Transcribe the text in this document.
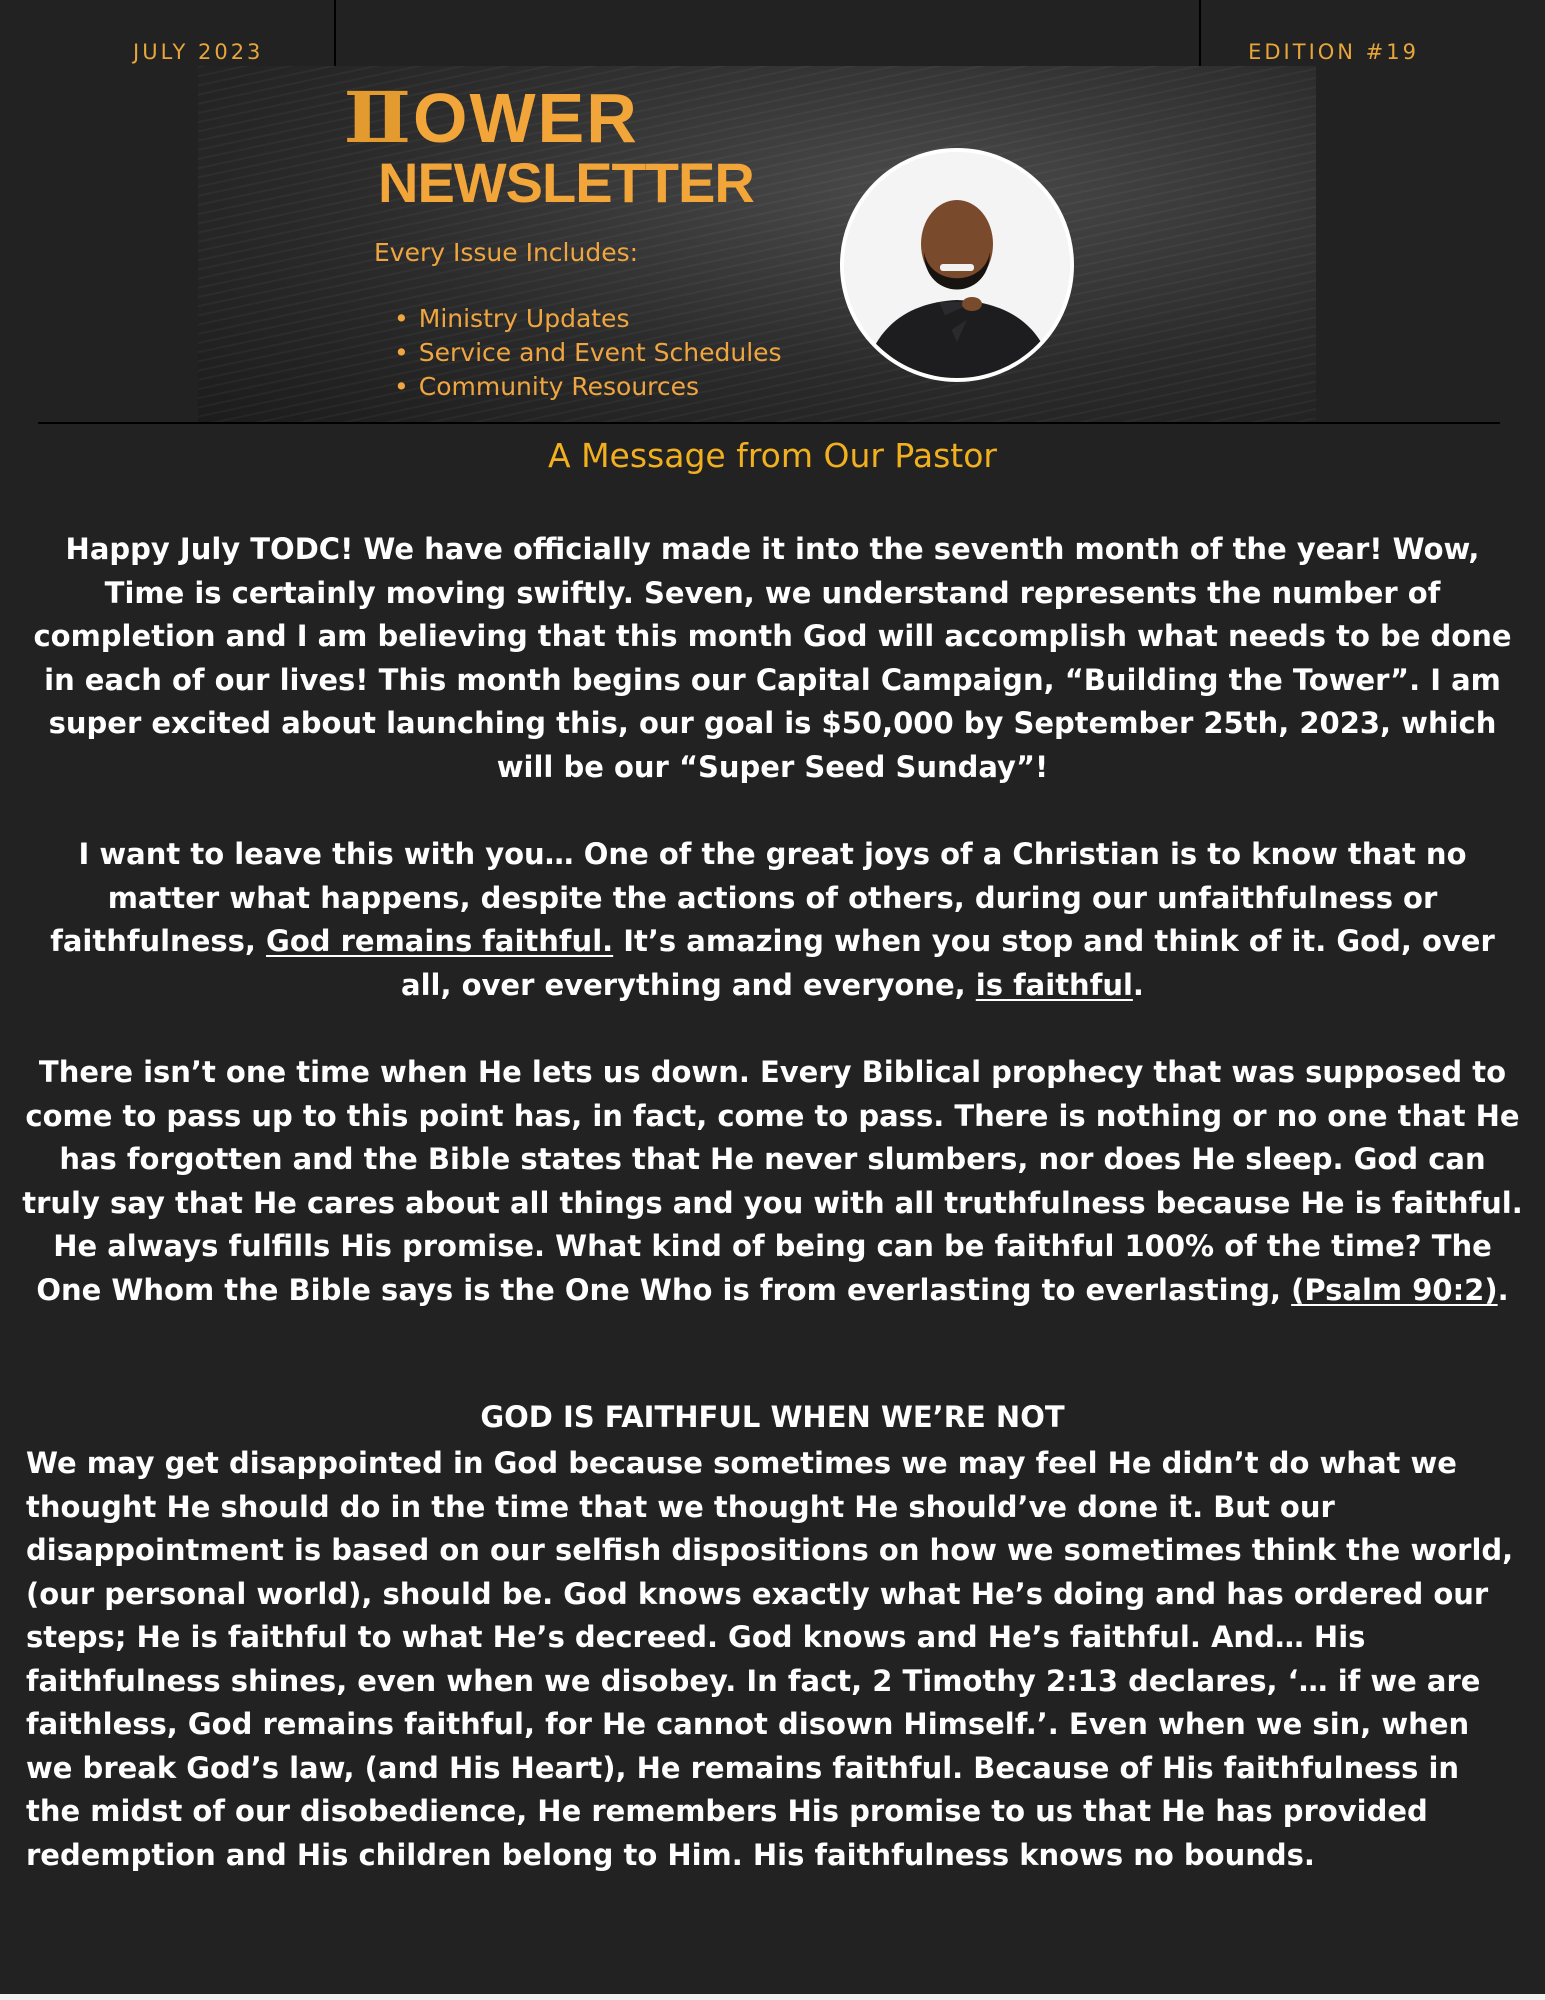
JULY 2023	EDITION #19

ⅡOWER
NEWSLETTER
Every Issue Includes:
• Ministry Updates
• Service and Event Schedules
• Community Resources
A Message from Our Pastor

Happy July TODC! We have officially made it into the seventh month of the year! Wow, Time is certainly moving swiftly. Seven, we understand represents the number of completion and I am believing that this month God will accomplish what needs to be done in each of our lives! This month begins our Capital Campaign, “Building the Tower”. I am super excited about launching this, our goal is $50,000 by September 25th, 2023, which will be our “Super Seed Sunday”!

I want to leave this with you… One of the great joys of a Christian is to know that no matter what happens, despite the actions of others, during our unfaithfulness or faithfulness, God remains faithful. It’s amazing when you stop and think of it. God, over all, over everything and everyone, is faithful.

There isn’t one time when He lets us down. Every Biblical prophecy that was supposed to come to pass up to this point has, in fact, come to pass. There is nothing or no one that He has forgotten and the Bible states that He never slumbers, nor does He sleep. God can truly say that He cares about all things and you with all truthfulness because He is faithful. He always fulfills His promise. What kind of being can be faithful 100% of the time? The One Whom the Bible says is the One Who is from everlasting to everlasting, (Psalm 90:2).

GOD IS FAITHFUL WHEN WE’RE NOT

We may get disappointed in God because sometimes we may feel He didn’t do what we thought He should do in the time that we thought He should’ve done it. But our disappointment is based on our selfish dispositions on how we sometimes think the world, (our personal world), should be. God knows exactly what He’s doing and has ordered our steps; He is faithful to what He’s decreed. God knows and He’s faithful. And… His faithfulness shines, even when we disobey. In fact, 2 Timothy 2:13 declares, ‘… if we are faithless, God remains faithful, for He cannot disown Himself.’. Even when we sin, when we break God’s law, (and His Heart), He remains faithful. Because of His faithfulness in the midst of our disobedience, He remembers His promise to us that He has provided redemption and His children belong to Him. His faithfulness knows no bounds.
